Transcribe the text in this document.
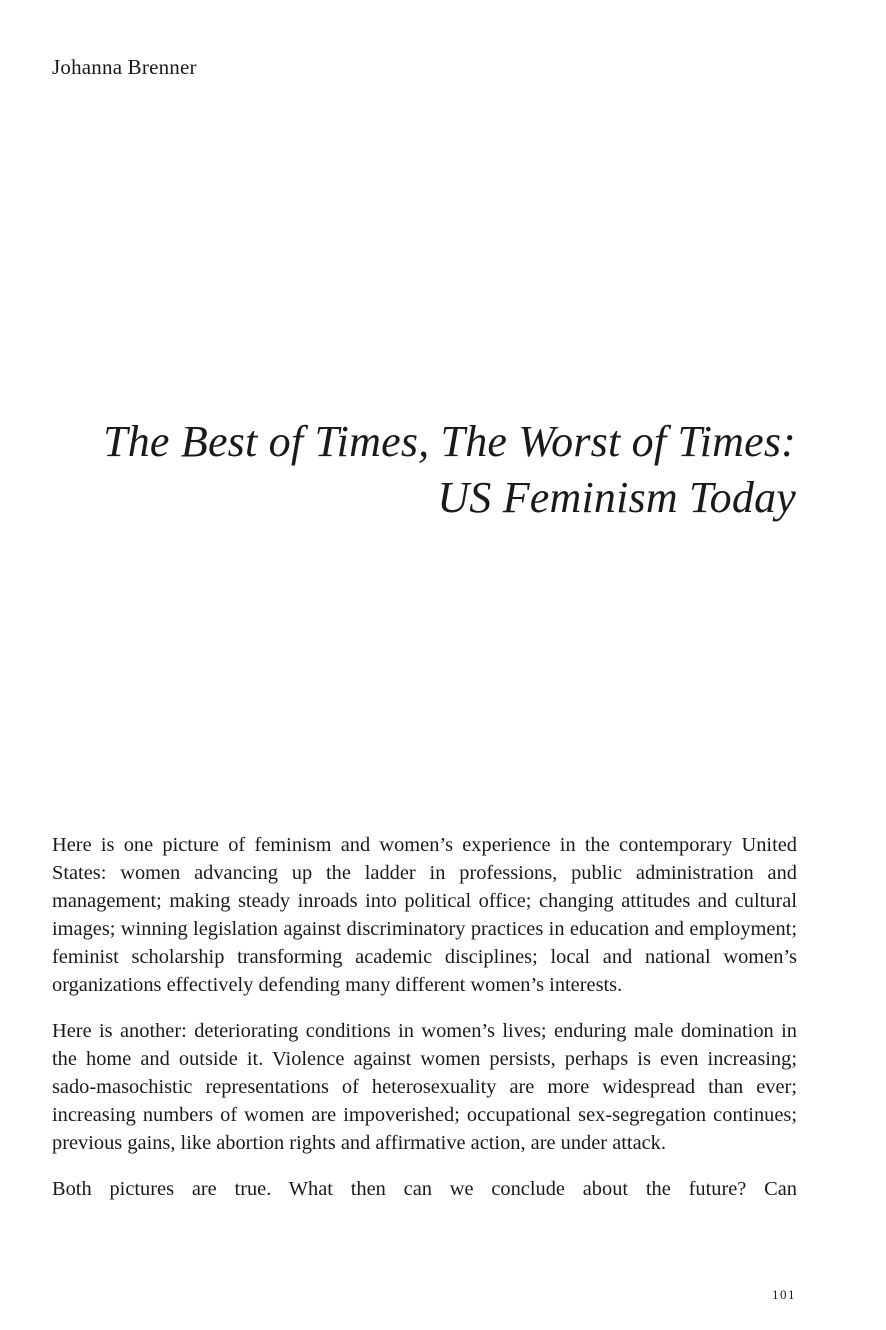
Johanna Brenner
The Best of Times, The Worst of Times:
US Feminism Today

Here is one picture of feminism and women’s experience in the contemporary United States: women advancing up the ladder in professions, public administration and management; making steady inroads into political office; changing attitudes and cultural images; winning legislation against discriminatory practices in education and employment; feminist scholarship transforming academic disciplines; local and national women’s organizations effectively defending many different women’s interests.

Here is another: deteriorating conditions in women’s lives; enduring male domination in the home and outside it. Violence against women persists, perhaps is even increasing; sado-masochistic representations of heterosexuality are more widespread than ever; increasing numbers of women are impoverished; occupational sex-segregation continues; previous gains, like abortion rights and affirmative action, are under attack.

Both pictures are true. What then can we conclude about the future? Can

101
